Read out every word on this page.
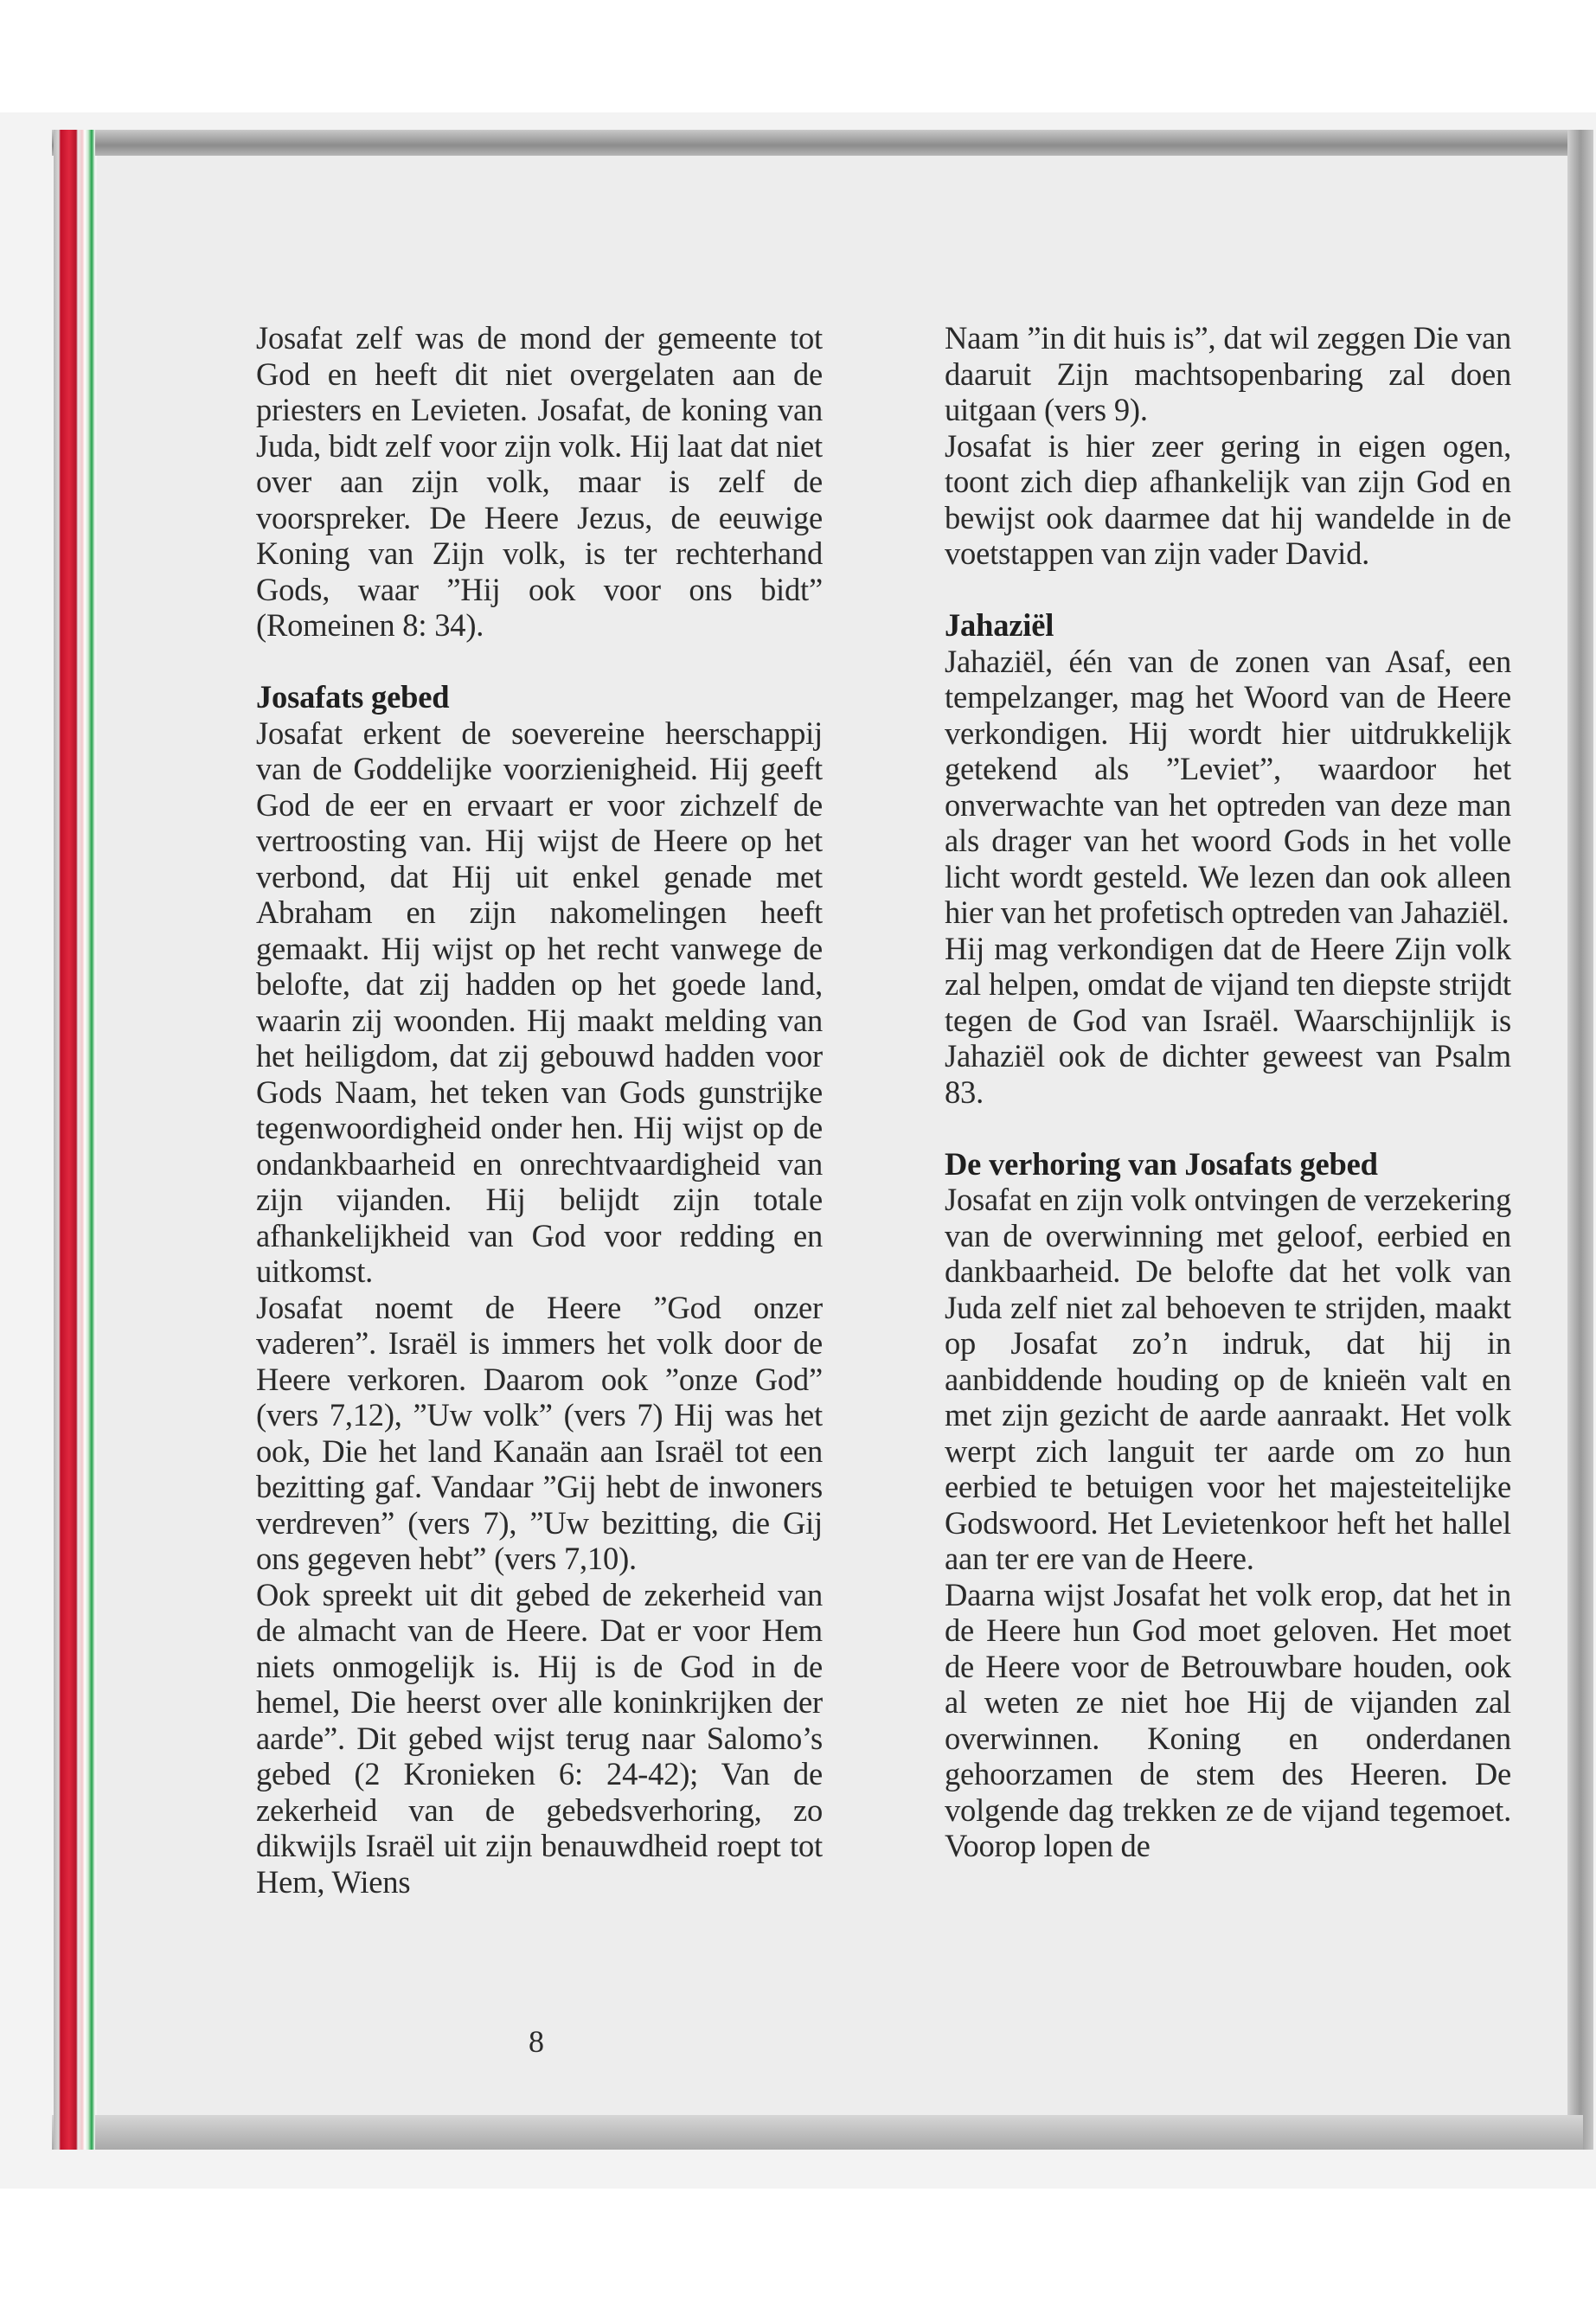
Josafat zelf was de mond der gemeente tot God en heeft dit niet overgelaten aan de priesters en Levieten. Josafat, de koning van Juda, bidt zelf voor zijn volk. Hij laat dat niet over aan zijn volk, maar is zelf de voorspreker. De Heere Jezus, de eeuwige Koning van Zijn volk, is ter rechterhand Gods, waar ”Hij ook voor ons bidt” (Romeinen 8: 34).

Josafats gebed

Josafat erkent de soevereine heerschappij van de Goddelijke voorzienigheid. Hij geeft God de eer en ervaart er voor zichzelf de vertroosting van. Hij wijst de Heere op het verbond, dat Hij uit enkel genade met Abraham en zijn nakomelingen heeft gemaakt. Hij wijst op het recht vanwege de belofte, dat zij hadden op het goede land, waarin zij woonden. Hij maakt melding van het heiligdom, dat zij gebouwd hadden voor Gods Naam, het teken van Gods gunstrijke tegenwoordigheid onder hen. Hij wijst op de ondankbaarheid en onrechtvaardigheid van zijn vijanden. Hij belijdt zijn totale afhankelijkheid van God voor redding en uitkomst.

Josafat noemt de Heere ”God onzer vaderen”. Israël is immers het volk door de Heere verkoren. Daarom ook ”onze God” (vers 7,12), ”Uw volk” (vers 7) Hij was het ook, Die het land Kanaän aan Israël tot een bezitting gaf. Vandaar ”Gij hebt de inwoners verdreven” (vers 7), ”Uw bezitting, die Gij ons gegeven hebt” (vers 7,10).

Ook spreekt uit dit gebed de zekerheid van de almacht van de Heere. Dat er voor Hem niets onmogelijk is. Hij is de God in de hemel, Die heerst over alle koninkrijken der aarde”. Dit gebed wijst terug naar Salomo’s gebed (2 Kronieken 6: 24-42); Van de zekerheid van de gebedsverhoring, zo dikwijls Israël uit zijn benauwdheid roept tot Hem, Wiens

Naam ”in dit huis is”, dat wil zeggen Die van daaruit Zijn machtsopenbaring zal doen uitgaan (vers 9).

Josafat is hier zeer gering in eigen ogen, toont zich diep afhankelijk van zijn God en bewijst ook daarmee dat hij wandelde in de voetstappen van zijn vader David.

Jahaziël

Jahaziël, één van de zonen van Asaf, een tempelzanger, mag het Woord van de Heere verkondigen. Hij wordt hier uitdrukkelijk getekend als ”Leviet”, waardoor het onverwachte van het optreden van deze man als drager van het woord Gods in het volle licht wordt gesteld. We lezen dan ook alleen hier van het profetisch optreden van Jahaziël.

Hij mag verkondigen dat de Heere Zijn volk zal helpen, omdat de vijand ten diepste strijdt tegen de God van Israël. Waarschijnlijk is Jahaziël ook de dichter geweest van Psalm 83.

De verhoring van Josafats gebed

Josafat en zijn volk ontvingen de verzekering van de overwinning met geloof, eerbied en dankbaarheid. De belofte dat het volk van Juda zelf niet zal behoeven te strijden, maakt op Josafat zo’n indruk, dat hij in aanbiddende houding op de knieën valt en met zijn gezicht de aarde aanraakt. Het volk werpt zich languit ter aarde om zo hun eerbied te betuigen voor het majesteitelijke Godswoord. Het Levietenkoor heft het hallel aan ter ere van de Heere.

Daarna wijst Josafat het volk erop, dat het in de Heere hun God moet geloven. Het moet de Heere voor de Betrouwbare houden, ook al weten ze niet hoe Hij de vijanden zal overwinnen. Koning en onderdanen gehoorzamen de stem des Heeren. De volgende dag trekken ze de vijand tegemoet. Voorop lopen de

8
